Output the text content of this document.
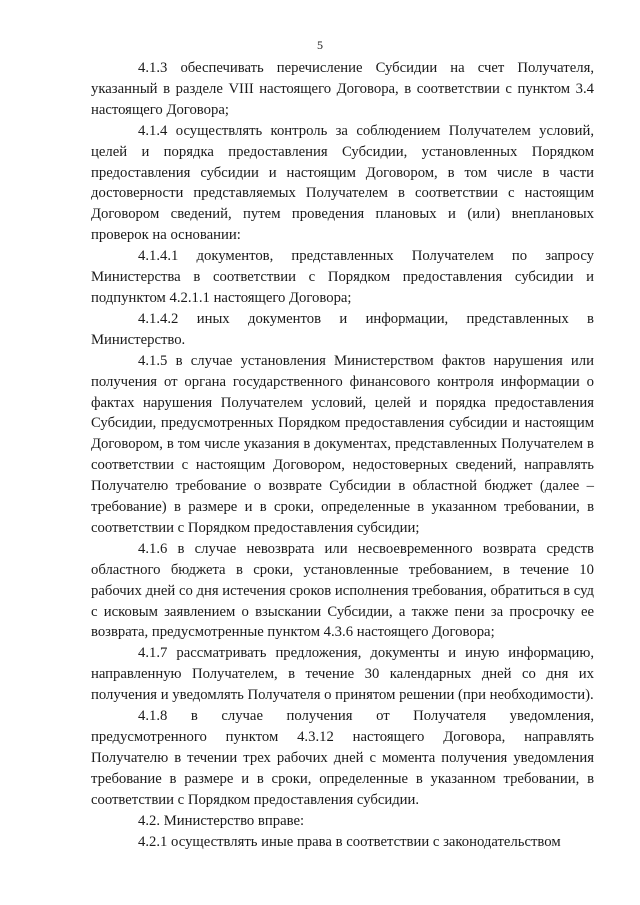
5

4.1.3 обеспечивать перечисление Субсидии на счет Получателя, указанный в разделе VIII настоящего Договора, в соответствии с пунктом 3.4 настоящего Договора;

4.1.4 осуществлять контроль за соблюдением Получателем условий, целей и порядка предоставления Субсидии, установленных Порядком предоставления субсидии и настоящим Договором, в том числе в части достоверности представляемых Получателем в соответствии с настоящим Договором сведений, путем проведения плановых и (или) внеплановых проверок на основании:

4.1.4.1 документов, представленных Получателем по запросу Министерства в соответствии с Порядком предоставления субсидии и подпунктом 4.2.1.1 настоящего Договора;

4.1.4.2 иных документов и информации, представленных в Министерство.

4.1.5 в случае установления Министерством фактов нарушения или получения от органа государственного финансового контроля информации о фактах нарушения Получателем условий, целей и порядка предоставления Субсидии, предусмотренных Порядком предоставления субсидии и настоящим Договором, в том числе указания в документах, представленных Получателем в соответствии с настоящим Договором, недостоверных сведений, направлять Получателю требование о возврате Субсидии в областной бюджет (далее – требование) в размере и в сроки, определенные в указанном требовании, в соответствии с Порядком предоставления субсидии;

4.1.6 в случае невозврата или несвоевременного возврата средств областного бюджета в сроки, установленные требованием, в течение 10 рабочих дней со дня истечения сроков исполнения требования, обратиться в суд с исковым заявлением о взыскании Субсидии, а также пени за просрочку ее возврата, предусмотренные пунктом 4.3.6 настоящего Договора;

4.1.7 рассматривать предложения, документы и иную информацию, направленную Получателем, в течение 30 календарных дней со дня их получения и уведомлять Получателя о принятом решении (при необходимости).

4.1.8 в случае получения от Получателя уведомления, предусмотренного пунктом 4.3.12 настоящего Договора, направлять Получателю в течении трех рабочих дней с момента получения уведомления требование в размере и в сроки, определенные в указанном требовании, в соответствии с Порядком предоставления субсидии.

4.2. Министерство вправе:

4.2.1 осуществлять иные права в соответствии с законодательством
